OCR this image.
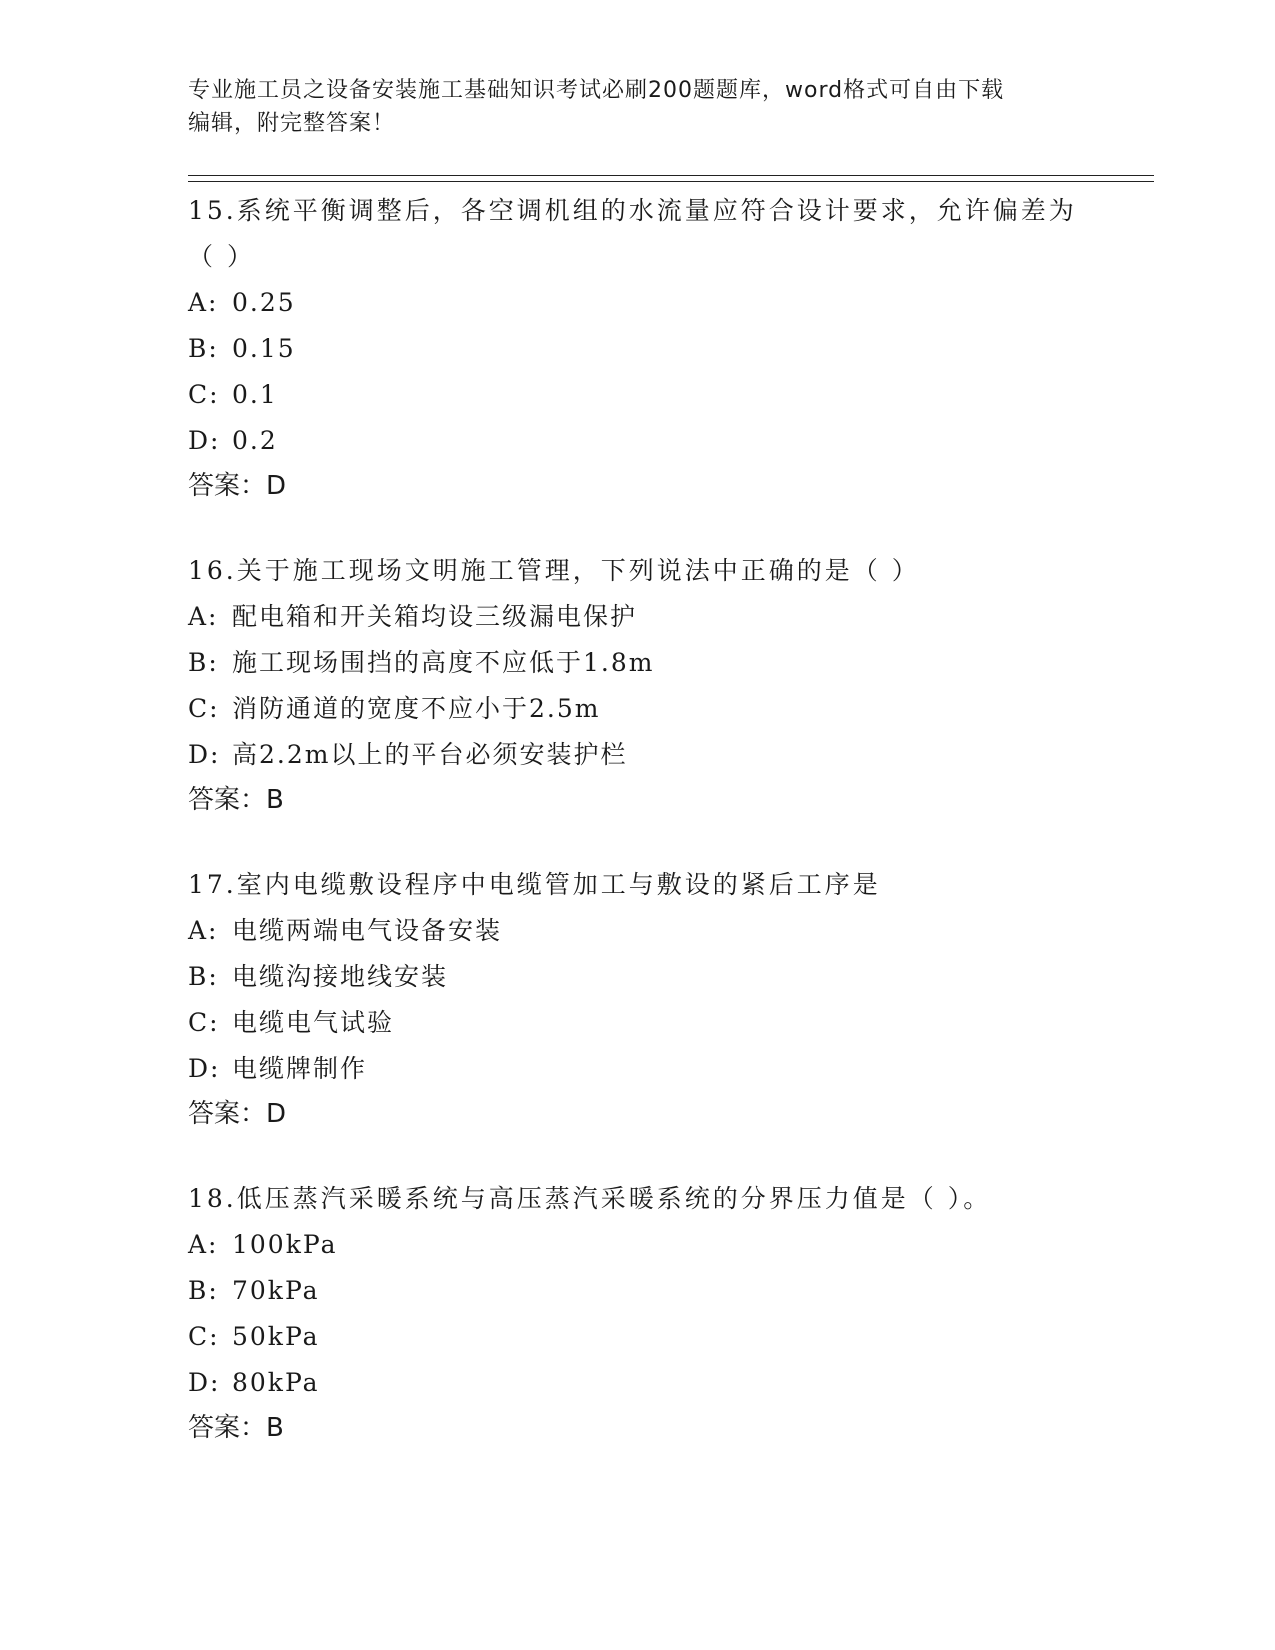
专业施工员之设备安装施工基础知识考试必刷200题题库，word格式可自由下载
编辑，附完整答案！
15.系统平衡调整后，各空调机组的水流量应符合设计要求，允许偏差为（ ）
A: 0.25
B: 0.15
C: 0.1
D: 0.2
答案：D
16.关于施工现场文明施工管理，下列说法中正确的是（ ）
A: 配电箱和开关箱均设三级漏电保护
B: 施工现场围挡的高度不应低于1.8m
C: 消防通道的宽度不应小于2.5m
D: 高2.2m以上的平台必须安装护栏
答案：B
17.室内电缆敷设程序中电缆管加工与敷设的紧后工序是
A: 电缆两端电气设备安装
B: 电缆沟接地线安装
C: 电缆电气试验
D: 电缆牌制作
答案：D
18.低压蒸汽采暖系统与高压蒸汽采暖系统的分界压力值是（ ）。
A: 100kPa
B: 70kPa
C: 50kPa
D: 80kPa
答案：B
